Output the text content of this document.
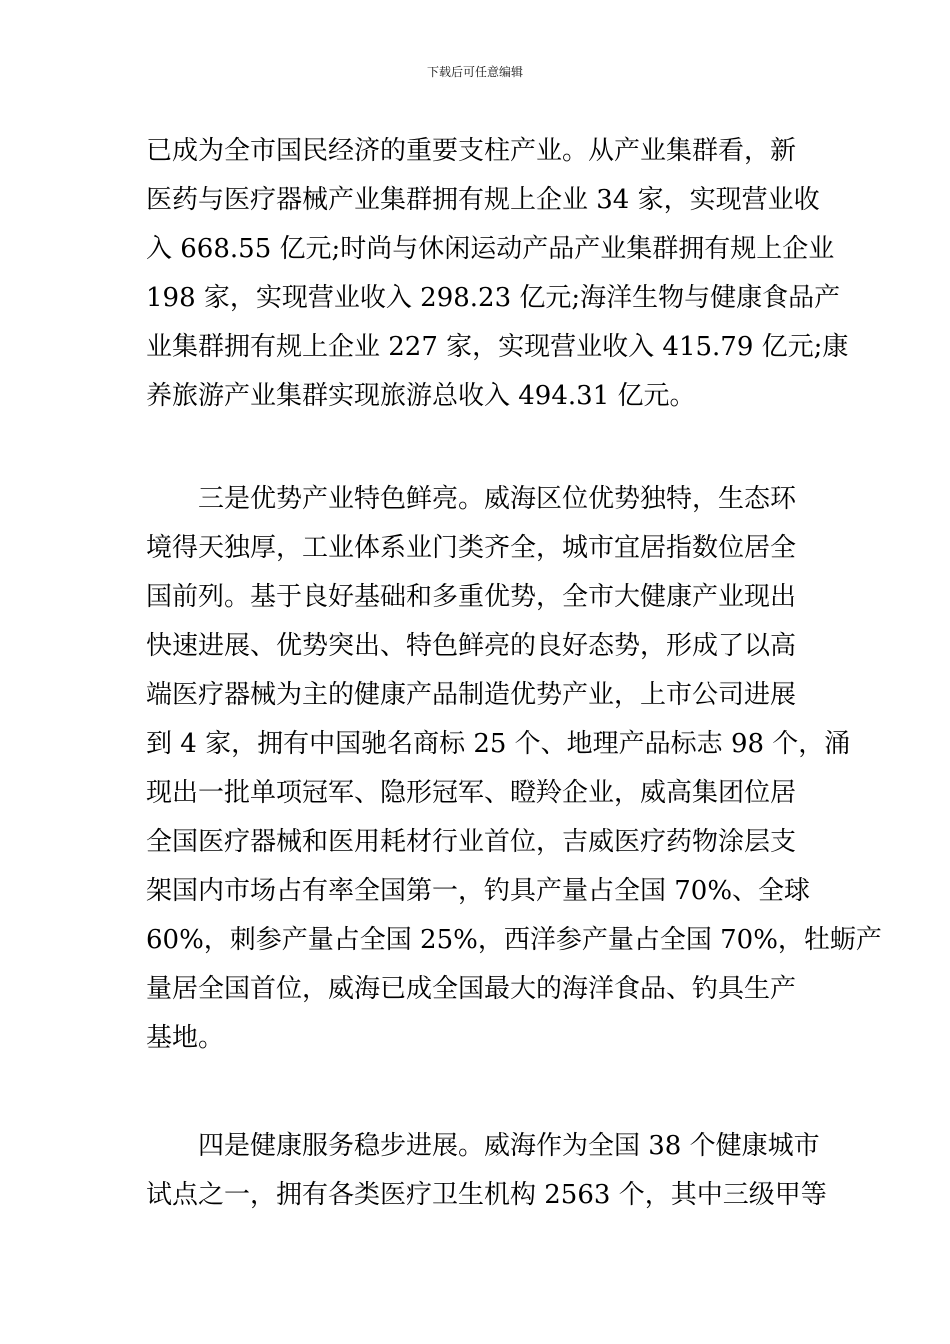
下载后可任意编辑
已成为全市国民经济的重要支柱产业。从产业集群看，新
医药与医疗器械产业集群拥有规上企业 34 家，实现营业收
入 668.55 亿元;时尚与休闲运动产品产业集群拥有规上企业
198 家，实现营业收入 298.23 亿元;海洋生物与健康食品产
业集群拥有规上企业 227 家，实现营业收入 415.79 亿元;康
养旅游产业集群实现旅游总收入 494.31 亿元。
　　三是优势产业特色鲜亮。威海区位优势独特，生态环
境得天独厚，工业体系业门类齐全，城市宜居指数位居全
国前列。基于良好基础和多重优势，全市大健康产业现出
快速进展、优势突出、特色鲜亮的良好态势，形成了以高
端医疗器械为主的健康产品制造优势产业，上市公司进展
到 4 家，拥有中国驰名商标 25 个、地理产品标志 98 个，涌
现出一批单项冠军、隐形冠军、瞪羚企业，威高集团位居
全国医疗器械和医用耗材行业首位，吉威医疗药物涂层支
架国内市场占有率全国第一，钓具产量占全国 70%、全球
60%，刺参产量占全国 25%，西洋参产量占全国 70%，牡蛎产
量居全国首位，威海已成全国最大的海洋食品、钓具生产
基地。
　　四是健康服务稳步进展。威海作为全国 38 个健康城市
试点之一，拥有各类医疗卫生机构 2563 个，其中三级甲等
